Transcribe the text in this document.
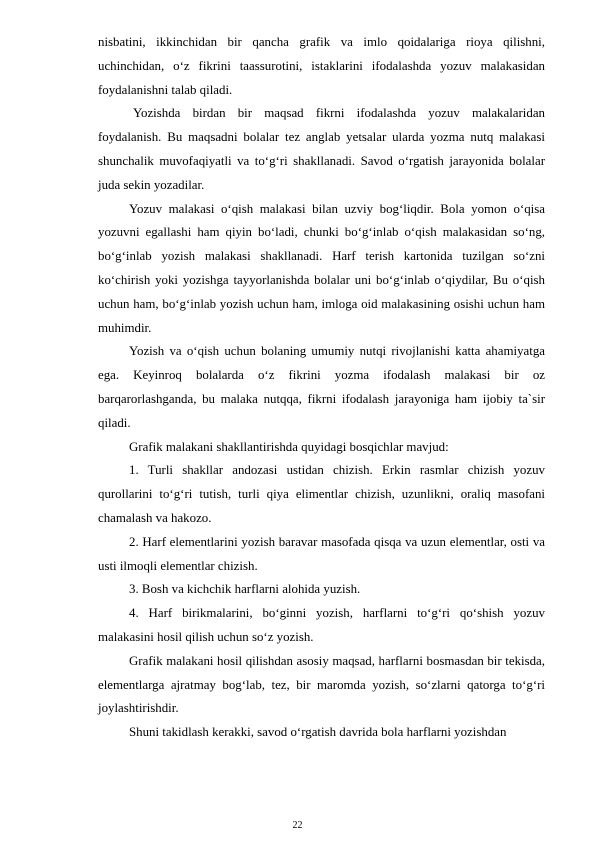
nisbatini, ikkinchidan bir qancha grafik va imlo qoidalariga rioya qilishni, uchinchidan, o‘z fikrini taassurotini, istaklarini ifodalashda yozuv malakasidan foydalanishni talab qiladi.

Yozishda birdan bir maqsad fikrni ifodalashda yozuv malakalaridan foydalanish. Bu maqsadni bolalar tez anglab yetsalar ularda yozma nutq malakasi shunchalik muvofaqiyatli va to‘g‘ri shakllanadi. Savod o‘rgatish jarayonida bolalar juda sekin yozadilar.

Yozuv malakasi o‘qish malakasi bilan uzviy bog‘liqdir. Bola yomon o‘qisa yozuvni egallashi ham qiyin bo‘ladi, chunki bo‘g‘inlab o‘qish malakasidan so‘ng, bo‘g‘inlab yozish malakasi shakllanadi. Harf terish kartonida tuzilgan so‘zni ko‘chirish yoki yozishga tayyorlanishda bolalar uni bo‘g‘inlab o‘qiydilar, Bu o‘qish uchun ham, bo‘g‘inlab yozish uchun ham, imloga oid malakasining osishi uchun ham muhimdir.

Yozish va o‘qish uchun bolaning umumiy nutqi rivojlanishi katta ahamiyatga ega. Keyinroq bolalarda o‘z fikrini yozma ifodalash malakasi bir oz barqarorlashganda, bu malaka nutqqa, fikrni ifodalash jarayoniga ham ijobiy ta`sir qiladi.

Grafik malakani shakllantirishda quyidagi bosqichlar mavjud:

1. Turli shakllar andozasi ustidan chizish. Erkin rasmlar chizish yozuv qurollarini to‘g‘ri tutish, turli qiya elimentlar chizish, uzunlikni, oraliq masofani chamalash va hakozo.

2. Harf elementlarini yozish baravar masofada qisqa va uzun elementlar, osti va usti ilmoqli elementlar chizish.

3. Bosh va kichchik harflarni alohida yuzish.

4. Harf birikmalarini, bo‘ginni yozish, harflarni to‘g‘ri qo‘shish yozuv malakasini hosil qilish uchun so‘z yozish.

Grafik malakani hosil qilishdan asosiy maqsad, harflarni bosmasdan bir tekisda, elementlarga ajratmay bog‘lab, tez, bir maromda yozish, so‘zlarni qatorga to‘g‘ri joylashtirishdir.

Shuni takidlash kerakki, savod o‘rgatish davrida bola harflarni yozishdan

22
